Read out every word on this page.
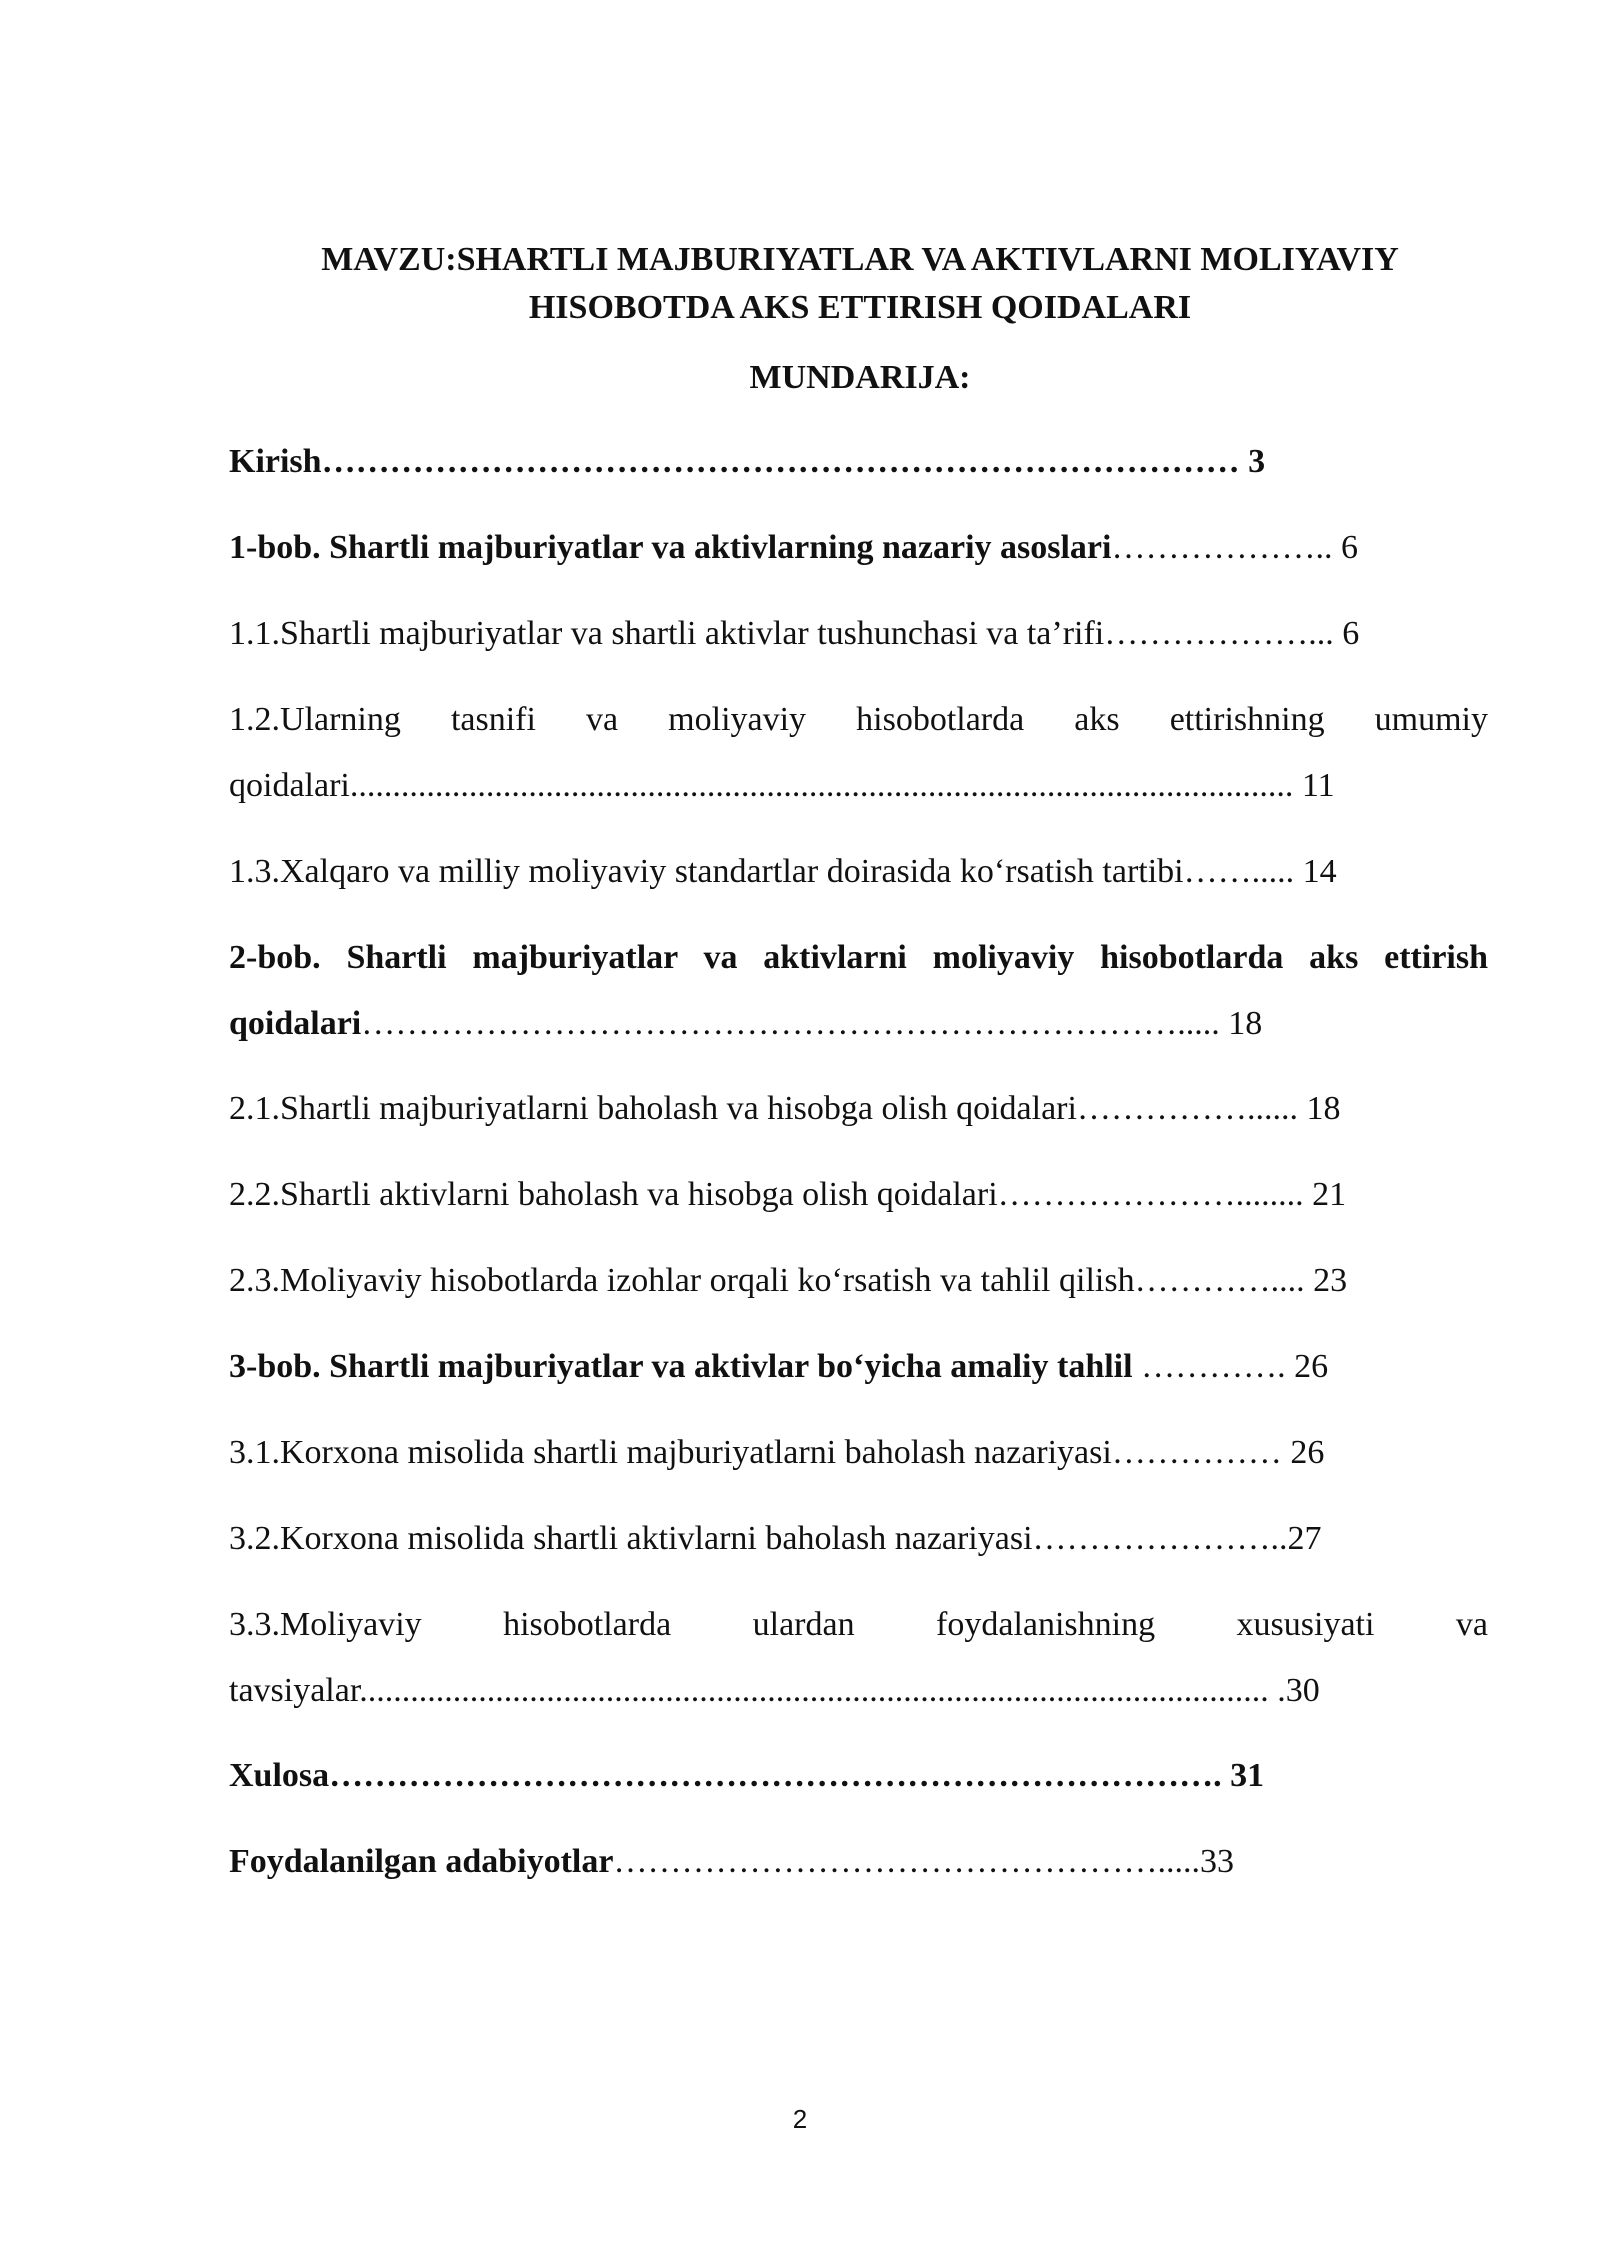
MAVZU:SHARTLI MAJBURIYATLAR VA AKTIVLARNI MOLIYAVIY
HISOBOTDA AKS ETTIRISH QOIDALARI
MUNDARIJA:
Kirish……………………………………………………………………… 3
1-bob. Shartli majburiyatlar va aktivlarning nazariy asoslari……………….. 6
1.1.Shartli majburiyatlar va shartli aktivlar tushunchasi va ta’rifi………………... 6
1.2.Ularning tasnifi va moliyaviy hisobotlarda aks ettirishning umumiy
qoidalari............................................................................................................... 11
1.3.Xalqaro va milliy moliyaviy standartlar doirasida ko‘rsatish tartibi……..... 14
2-bob. Shartli majburiyatlar va aktivlarni moliyaviy hisobotlarda aks ettirish
qoidalari………………………………………………………………..... 18
2.1.Shartli majburiyatlarni baholash va hisobga olish qoidalari……………...... 18
2.2.Shartli aktivlarni baholash va hisobga olish qoidalari…………………........ 21
2.3.Moliyaviy hisobotlarda izohlar orqali ko‘rsatish va tahlil qilish………….... 23
3-bob. Shartli majburiyatlar va aktivlar bo‘yicha amaliy tahlil …………. 26
3.1.Korxona misolida shartli majburiyatlarni baholash nazariyasi…………… 26
3.2.Korxona misolida shartli aktivlarni baholash nazariyasi…………………..27
3.3.Moliyaviy hisobotlarda ulardan foydalanishning xususiyati va
tavsiyalar........................................................................................................... .30
Xulosa……………………………………………………………………. 31
Foydalanilgan adabiyotlar………………………………………….....33
2
